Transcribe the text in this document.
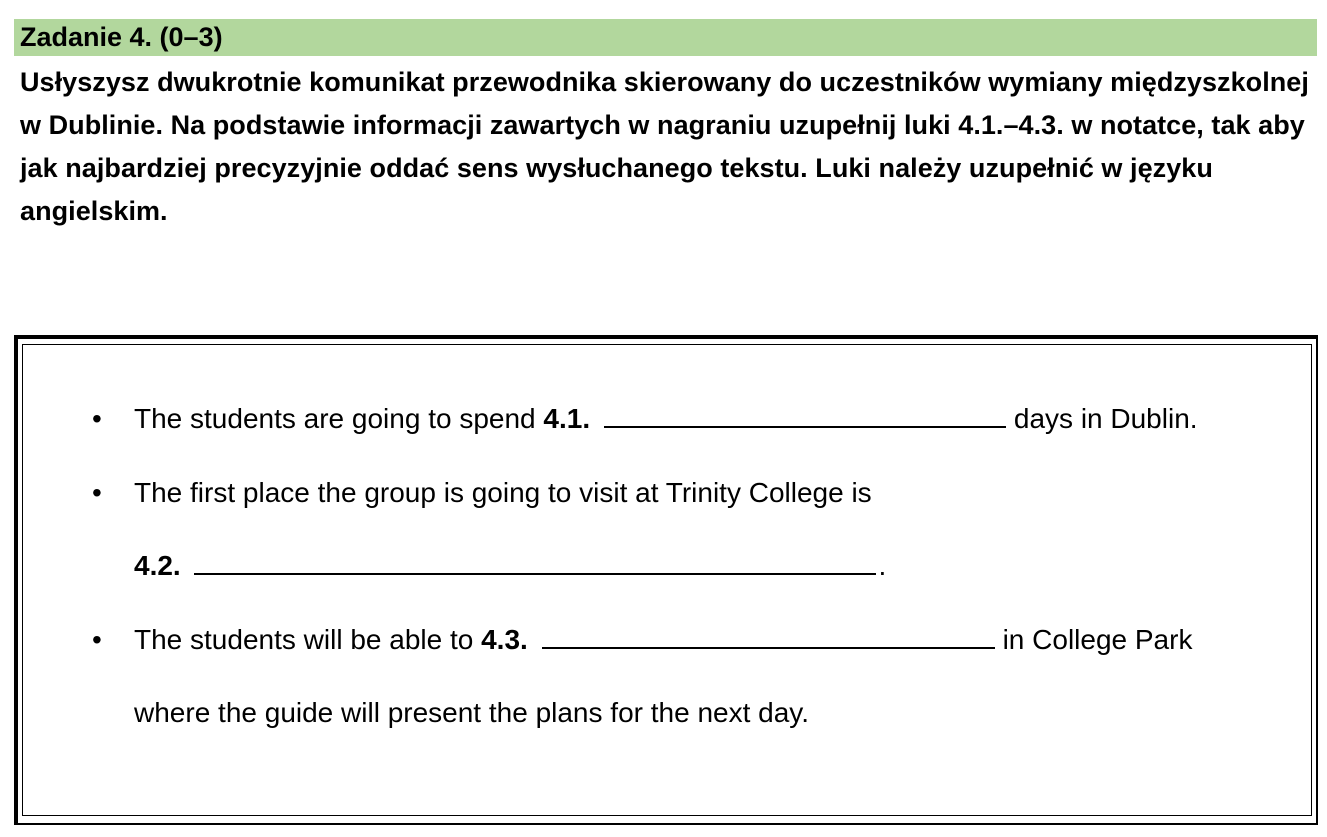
Zadanie 4. (0–3)
Usłyszysz dwukrotnie komunikat przewodnika skierowany do uczestników wymiany międzyszkolnej w Dublinie. Na podstawie informacji zawartych w nagraniu uzupełnij luki 4.1.–4.3. w notatce, tak aby jak najbardziej precyzyjnie oddać sens wysłuchanego tekstu. Luki należy uzupełnić w języku angielskim.
• The students are going to spend 4.1.	days in Dublin.
• The first place the group is going to visit at Trinity College is
4.2.	.
• The students will be able to 4.3.	in College Park
where the guide will present the plans for the next day.
